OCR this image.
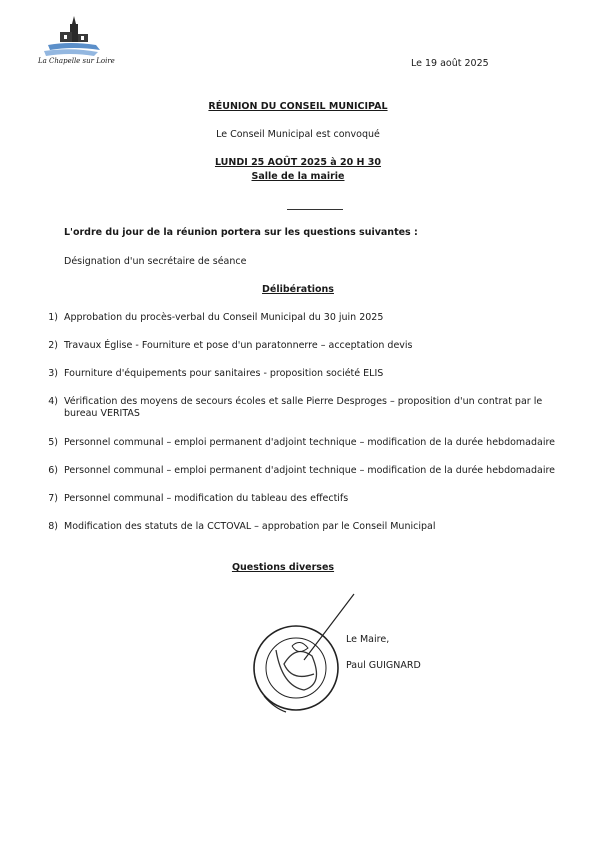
La Chapelle sur Loire	Le 19 août 2025
RÉUNION DU CONSEIL MUNICIPAL
Le Conseil Municipal est convoqué
LUNDI 25 AOÛT 2025 à 20 H 30
Salle de la mairie
L'ordre du jour de la réunion portera sur les questions suivantes :
Désignation d'un secrétaire de séance
Délibérations
1) Approbation du procès-verbal du Conseil Municipal du 30 juin 2025
2) Travaux Église - Fourniture et pose d'un paratonnerre – acceptation devis
3) Fourniture d'équipements pour sanitaires - proposition société ELIS
4) Vérification des moyens de secours écoles et salle Pierre Desproges – proposition d'un contrat par le bureau VERITAS
5) Personnel communal – emploi permanent d'adjoint technique – modification de la durée hebdomadaire
6) Personnel communal – emploi permanent d'adjoint technique – modification de la durée hebdomadaire
7) Personnel communal – modification du tableau des effectifs
8) Modification des statuts de la CCTOVAL – approbation par le Conseil Municipal
Questions diverses
Le Maire,
Paul GUIGNARD
